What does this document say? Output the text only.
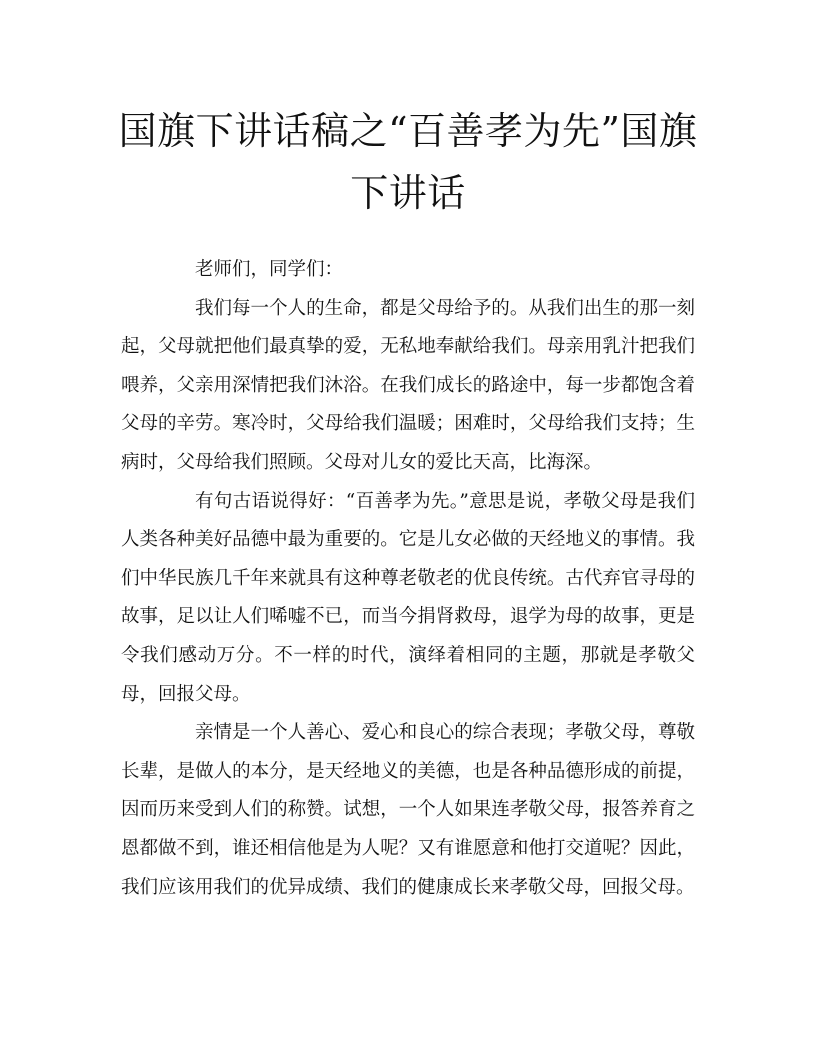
国旗下讲话稿之“百善孝为先”国旗下讲话

老师们，同学们：

我们每一个人的生命，都是父母给予的。从我们出生的那一刻起，父母就把他们最真挚的爱，无私地奉献给我们。母亲用乳汁把我们喂养，父亲用深情把我们沐浴。在我们成长的路途中，每一步都饱含着父母的辛劳。寒冷时，父母给我们温暖；困难时，父母给我们支持；生病时，父母给我们照顾。父母对儿女的爱比天高，比海深。

有句古语说得好：“百善孝为先。”意思是说，孝敬父母是我们人类各种美好品德中最为重要的。它是儿女必做的天经地义的事情。我们中华民族几千年来就具有这种尊老敬老的优良传统。古代弃官寻母的故事，足以让人们唏嘘不已，而当今捐肾救母，退学为母的故事，更是令我们感动万分。不一样的时代，演绎着相同的主题，那就是孝敬父母，回报父母。

亲情是一个人善心、爱心和良心的综合表现；孝敬父母，尊敬长辈，是做人的本分，是天经地义的美德，也是各种品德形成的前提，因而历来受到人们的称赞。试想，一个人如果连孝敬父母，报答养育之恩都做不到，谁还相信他是为人呢？又有谁愿意和他打交道呢？因此，我们应该用我们的优异成绩、我们的健康成长来孝敬父母，回报父母。
